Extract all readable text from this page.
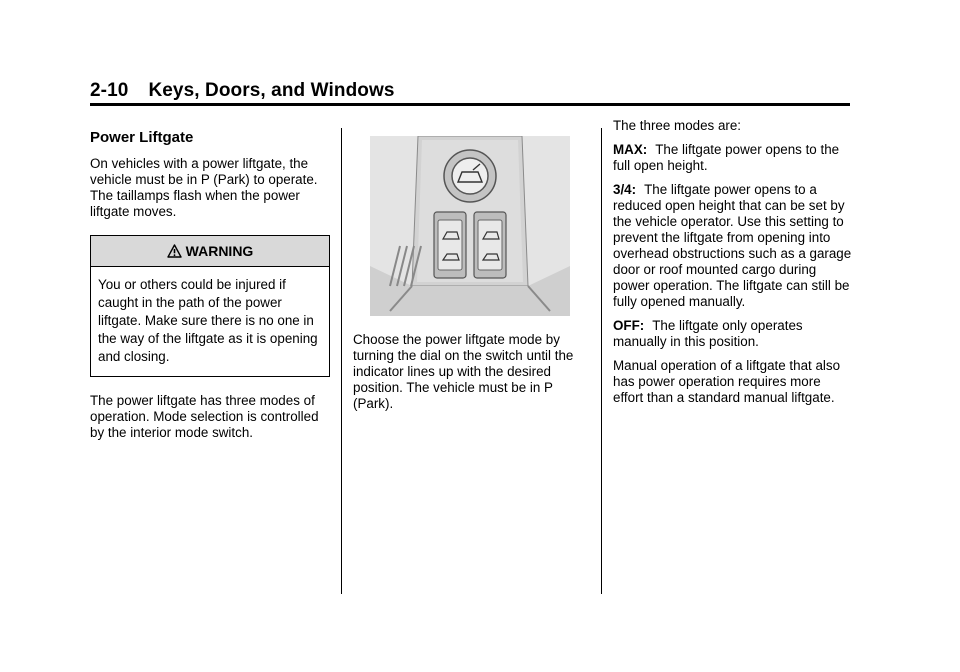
2-10 Keys, Doors, and Windows
Power Liftgate

On vehicles with a power liftgate, the vehicle must be in P (Park) to operate. The taillamps flash when the power liftgate moves.

WARNING
You or others could be injured if caught in the path of the power liftgate. Make sure there is no one in the way of the liftgate as it is opening and closing.

The power liftgate has three modes of operation. Mode selection is controlled by the interior mode switch.

Choose the power liftgate mode by turning the dial on the switch until the indicator lines up with the desired position. The vehicle must be in P (Park).

The three modes are:

MAX: The liftgate power opens to the full open height.

3/4: The liftgate power opens to a reduced open height that can be set by the vehicle operator. Use this setting to prevent the liftgate from opening into overhead obstructions such as a garage door or roof mounted cargo during power operation. The liftgate can still be fully opened manually.

OFF: The liftgate only operates manually in this position.

Manual operation of a liftgate that also has power operation requires more effort than a standard manual liftgate.
